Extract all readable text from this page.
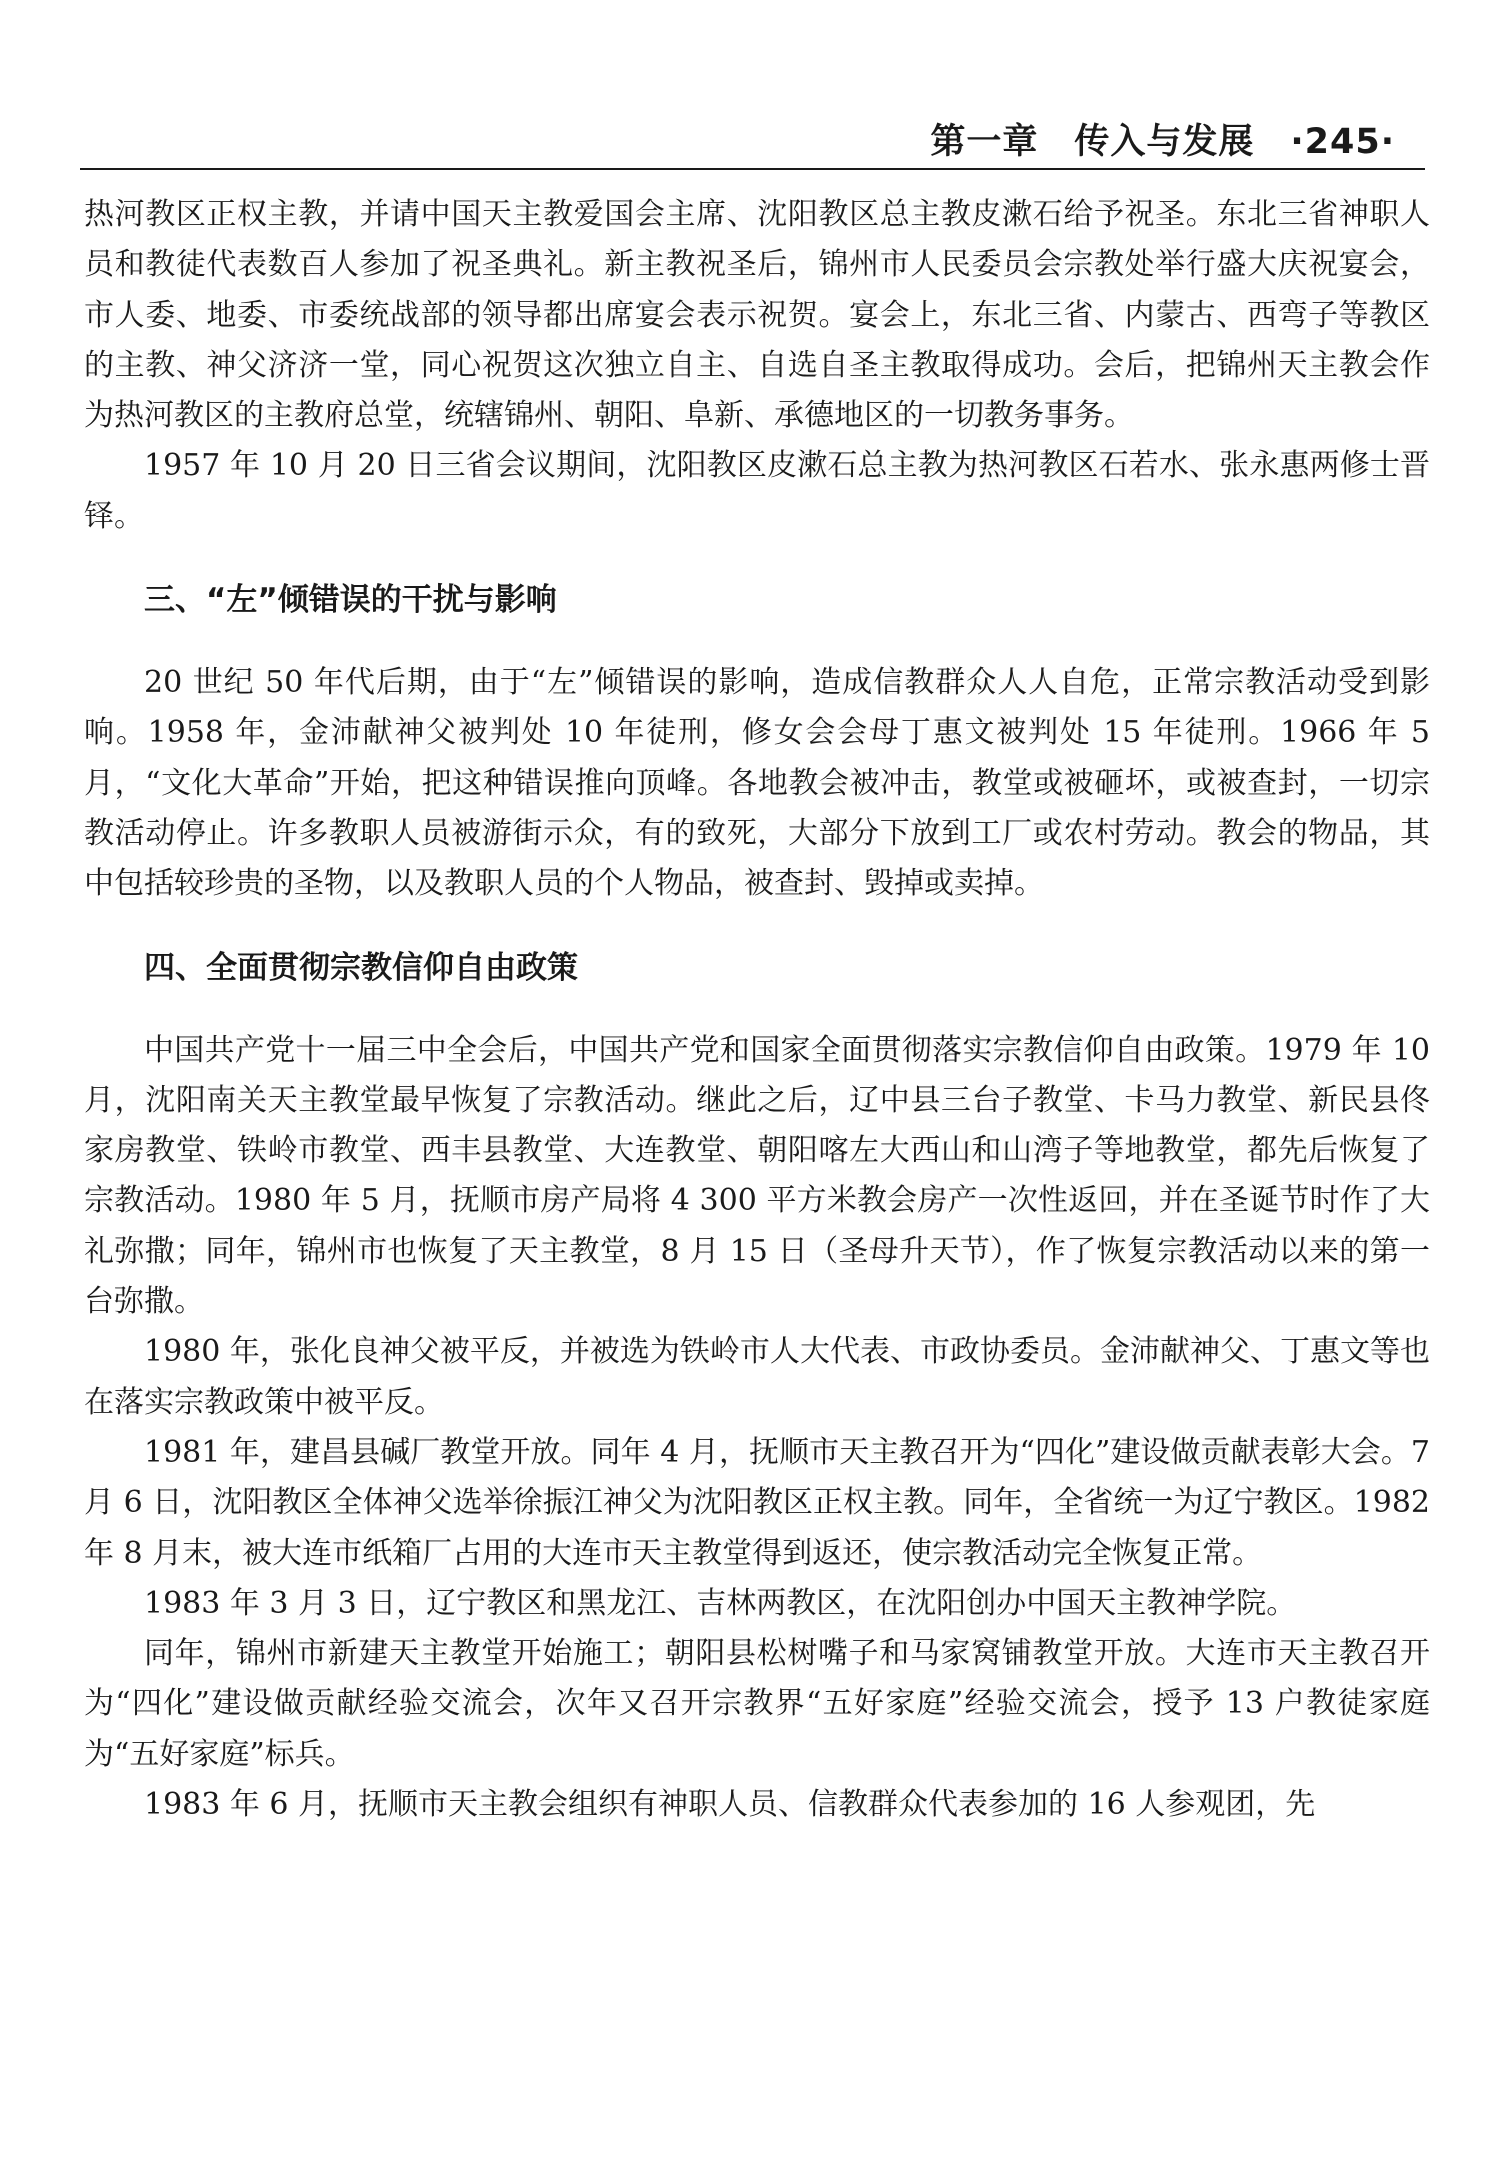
第一章 传入与发展 ·245·

热河教区正权主教，并请中国天主教爱国会主席、沈阳教区总主教皮漱石给予祝圣。东北三省神职人员和教徒代表数百人参加了祝圣典礼。新主教祝圣后，锦州市人民委员会宗教处举行盛大庆祝宴会，市人委、地委、市委统战部的领导都出席宴会表示祝贺。宴会上，东北三省、内蒙古、西弯子等教区的主教、神父济济一堂，同心祝贺这次独立自主、自选自圣主教取得成功。会后，把锦州天主教会作为热河教区的主教府总堂，统辖锦州、朝阳、阜新、承德地区的一切教务事务。

1957 年 10 月 20 日三省会议期间，沈阳教区皮漱石总主教为热河教区石若水、张永惠两修士晋铎。

三、“左”倾错误的干扰与影响

20 世纪 50 年代后期，由于“左”倾错误的影响，造成信教群众人人自危，正常宗教活动受到影响。1958 年，金沛献神父被判处 10 年徒刑，修女会会母丁惠文被判处 15 年徒刑。1966 年 5 月，“文化大革命”开始，把这种错误推向顶峰。各地教会被冲击，教堂或被砸坏，或被查封，一切宗教活动停止。许多教职人员被游街示众，有的致死，大部分下放到工厂或农村劳动。教会的物品，其中包括较珍贵的圣物，以及教职人员的个人物品，被查封、毁掉或卖掉。

四、全面贯彻宗教信仰自由政策

中国共产党十一届三中全会后，中国共产党和国家全面贯彻落实宗教信仰自由政策。1979 年 10 月，沈阳南关天主教堂最早恢复了宗教活动。继此之后，辽中县三台子教堂、卡马力教堂、新民县佟家房教堂、铁岭市教堂、西丰县教堂、大连教堂、朝阳喀左大西山和山湾子等地教堂，都先后恢复了宗教活动。1980 年 5 月，抚顺市房产局将 4 300 平方米教会房产一次性返回，并在圣诞节时作了大礼弥撒；同年，锦州市也恢复了天主教堂，8 月 15 日（圣母升天节），作了恢复宗教活动以来的第一台弥撒。

1980 年，张化良神父被平反，并被选为铁岭市人大代表、市政协委员。金沛献神父、丁惠文等也在落实宗教政策中被平反。

1981 年，建昌县碱厂教堂开放。同年 4 月，抚顺市天主教召开为“四化”建设做贡献表彰大会。7 月 6 日，沈阳教区全体神父选举徐振江神父为沈阳教区正权主教。同年，全省统一为辽宁教区。1982 年 8 月末，被大连市纸箱厂占用的大连市天主教堂得到返还，使宗教活动完全恢复正常。

1983 年 3 月 3 日，辽宁教区和黑龙江、吉林两教区，在沈阳创办中国天主教神学院。

同年，锦州市新建天主教堂开始施工；朝阳县松树嘴子和马家窝铺教堂开放。大连市天主教召开为“四化”建设做贡献经验交流会，次年又召开宗教界“五好家庭”经验交流会，授予 13 户教徒家庭为“五好家庭”标兵。

1983 年 6 月，抚顺市天主教会组织有神职人员、信教群众代表参加的 16 人参观团，先
